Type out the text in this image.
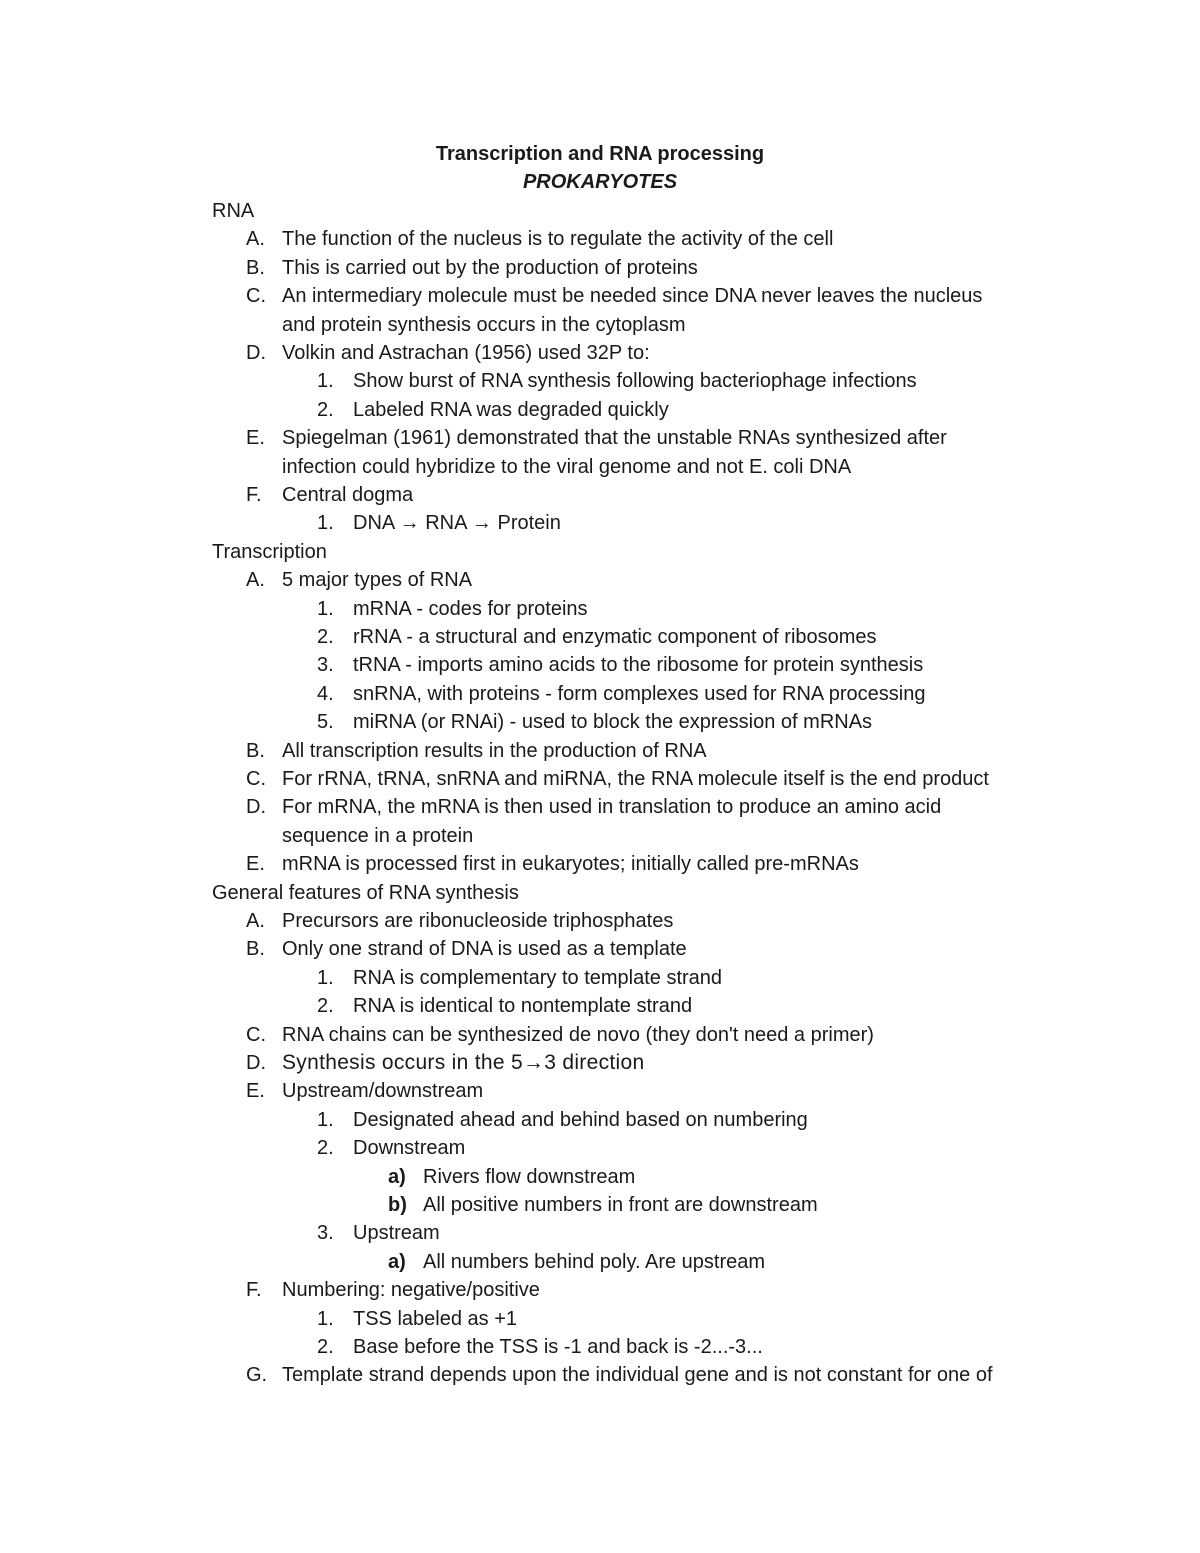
Transcription and RNA processing
PROKARYOTES
RNA
A. The function of the nucleus is to regulate the activity of the cell
B. This is carried out by the production of proteins
C. An intermediary molecule must be needed since DNA never leaves the nucleus
and protein synthesis occurs in the cytoplasm
D. Volkin and Astrachan (1956) used 32P to:
1. Show burst of RNA synthesis following bacteriophage infections
2. Labeled RNA was degraded quickly
E. Spiegelman (1961) demonstrated that the unstable RNAs synthesized after
infection could hybridize to the viral genome and not E. coli DNA
F. Central dogma
1. DNA → RNA → Protein
Transcription
A. 5 major types of RNA
1. mRNA - codes for proteins
2. rRNA - a structural and enzymatic component of ribosomes
3. tRNA - imports amino acids to the ribosome for protein synthesis
4. snRNA, with proteins - form complexes used for RNA processing
5. miRNA (or RNAi) - used to block the expression of mRNAs
B. All transcription results in the production of RNA
C. For rRNA, tRNA, snRNA and miRNA, the RNA molecule itself is the end product
D. For mRNA, the mRNA is then used in translation to produce an amino acid
sequence in a protein
E. mRNA is processed first in eukaryotes; initially called pre-mRNAs
General features of RNA synthesis
A. Precursors are ribonucleoside triphosphates
B. Only one strand of DNA is used as a template
1. RNA is complementary to template strand
2. RNA is identical to nontemplate strand
C. RNA chains can be synthesized de novo (they don't need a primer)
D. Synthesis occurs in the 5→3 direction
E. Upstream/downstream
1. Designated ahead and behind based on numbering
2. Downstream
a) Rivers flow downstream
b) All positive numbers in front are downstream
3. Upstream
a) All numbers behind poly. Are upstream
F. Numbering: negative/positive
1. TSS labeled as +1
2. Base before the TSS is -1 and back is -2...-3...
G. Template strand depends upon the individual gene and is not constant for one of
